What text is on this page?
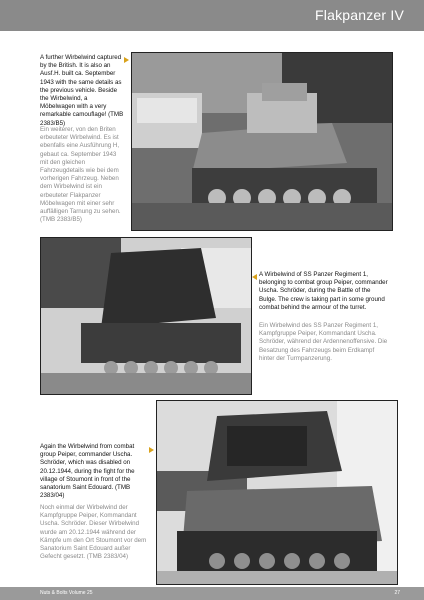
Flakpanzer IV

A further Wirbelwind captured by the British. It is also an Ausf.H. built ca. September 1943 with the same details as the previous vehicle. Beside the Wirbelwind, a Möbelwagen with a very remarkable camouflage! (TMB 2383/B5)

Ein weiterer, von den Briten erbeuteter Wirbelwind. Es ist ebenfalls eine Ausführung H, gebaut ca. September 1943 mit den gleichen Fahrzeugdetails wie bei dem vorherigen Fahrzeug. Neben dem Wirbelwind ist ein erbeuteter Flakpanzer Möbelwagen mit einer sehr auffälligen Tarnung zu sehen. (TMB 2383/B5)

A Wirbelwind of SS Panzer Regiment 1, belonging to combat group Peiper, commander Uscha. Schröder, during the Battle of the Bulge. The crew is taking part in some ground combat behind the armour of the turret.

Ein Wirbelwind des SS Panzer Regiment 1, Kampfgruppe Peiper, Kommandant Uscha. Schröder, während der Ardennenoffensive. Die Besatzung des Fahrzeugs beim Erdkampf hinter der Turmpanzerung.

Again the Wirbelwind from combat group Peiper, commander Uscha. Schröder, which was disabled on 20.12.1944, during the fight for the village of Stoumont in front of the sanatorium Saint Edouard. (TMB 2383/04)

Noch einmal der Wirbelwind der Kampfgruppe Peiper, Kommandant Uscha. Schröder. Dieser Wirbelwind wurde am 20.12.1944 während der Kämpfe um den Ort Stoumont vor dem Sanatorium Saint Edouard außer Gefecht gesetzt. (TMB 2383/04)

Nuts & Bolts Volume 25	27
